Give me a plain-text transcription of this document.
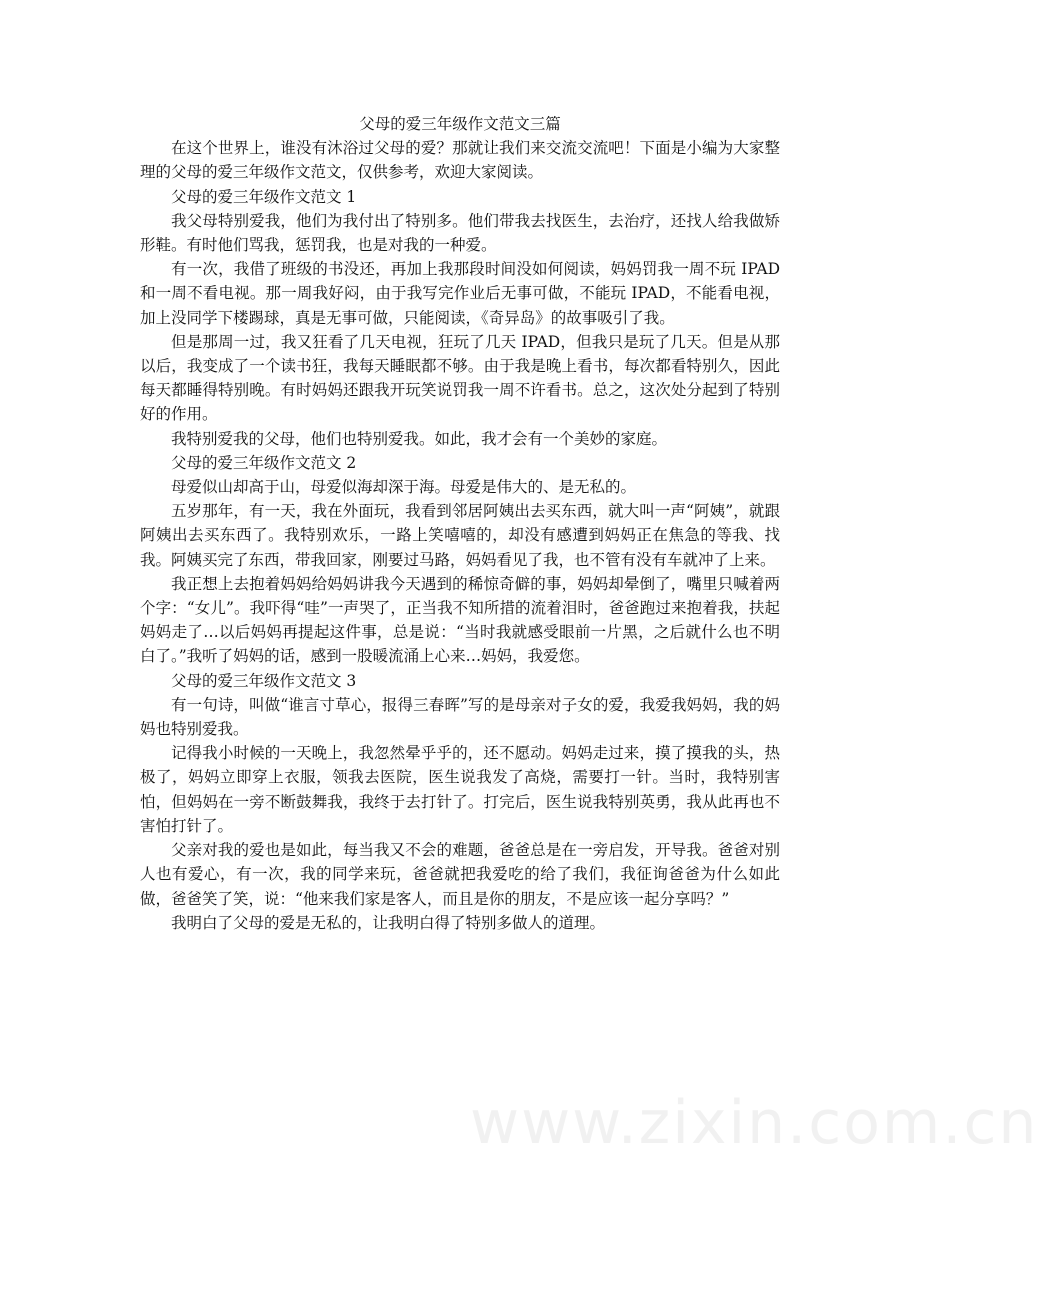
父母的爱三年级作文范文三篇

在这个世界上，谁没有沐浴过父母的爱？那就让我们来交流交流吧！下面是小编为大家整理的父母的爱三年级作文范文，仅供参考，欢迎大家阅读。

父母的爱三年级作文范文 1

我父母特别爱我，他们为我付出了特别多。他们带我去找医生，去治疗，还找人给我做矫形鞋。有时他们骂我，惩罚我，也是对我的一种爱。

有一次，我借了班级的书没还，再加上我那段时间没如何阅读，妈妈罚我一周不玩 IPAD 和一周不看电视。那一周我好闷，由于我写完作业后无事可做，不能玩 IPAD，不能看电视，加上没同学下楼踢球，真是无事可做，只能阅读，《奇异岛》的故事吸引了我。

但是那周一过，我又狂看了几天电视，狂玩了几天 IPAD，但我只是玩了几天。但是从那以后，我变成了一个读书狂，我每天睡眠都不够。由于我是晚上看书，每次都看特别久，因此每天都睡得特别晚。有时妈妈还跟我开玩笑说罚我一周不许看书。总之，这次处分起到了特别好的作用。

我特别爱我的父母，他们也特别爱我。如此，我才会有一个美妙的家庭。

父母的爱三年级作文范文 2

母爱似山却高于山，母爱似海却深于海。母爱是伟大的、是无私的。

五岁那年，有一天，我在外面玩，我看到邻居阿姨出去买东西，就大叫一声“阿姨”，就跟阿姨出去买东西了。我特别欢乐，一路上笑嘻嘻的，却没有感遭到妈妈正在焦急的等我、找我。阿姨买完了东西，带我回家，刚要过马路，妈妈看见了我，也不管有没有车就冲了上来。

我正想上去抱着妈妈给妈妈讲我今天遇到的稀惊奇僻的事，妈妈却晕倒了，嘴里只喊着两个字：“女儿”。我吓得“哇”一声哭了，正当我不知所措的流着泪时，爸爸跑过来抱着我，扶起妈妈走了…以后妈妈再提起这件事，总是说：“当时我就感受眼前一片黑，之后就什么也不明白了。”我听了妈妈的话，感到一股暖流涌上心来…妈妈，我爱您。

父母的爱三年级作文范文 3

有一句诗，叫做“谁言寸草心，报得三春晖”写的是母亲对子女的爱，我爱我妈妈，我的妈妈也特别爱我。

记得我小时候的一天晚上，我忽然晕乎乎的，还不愿动。妈妈走过来，摸了摸我的头，热极了，妈妈立即穿上衣服，领我去医院，医生说我发了高烧，需要打一针。当时，我特别害怕，但妈妈在一旁不断鼓舞我，我终于去打针了。打完后，医生说我特别英勇，我从此再也不害怕打针了。

父亲对我的爱也是如此，每当我又不会的难题，爸爸总是在一旁启发，开导我。爸爸对别人也有爱心，有一次，我的同学来玩，爸爸就把我爱吃的给了我们，我征询爸爸为什么如此做，爸爸笑了笑，说：“他来我们家是客人，而且是你的朋友，不是应该一起分享吗？”

我明白了父母的爱是无私的，让我明白得了特别多做人的道理。

www.zixin.com.cn
